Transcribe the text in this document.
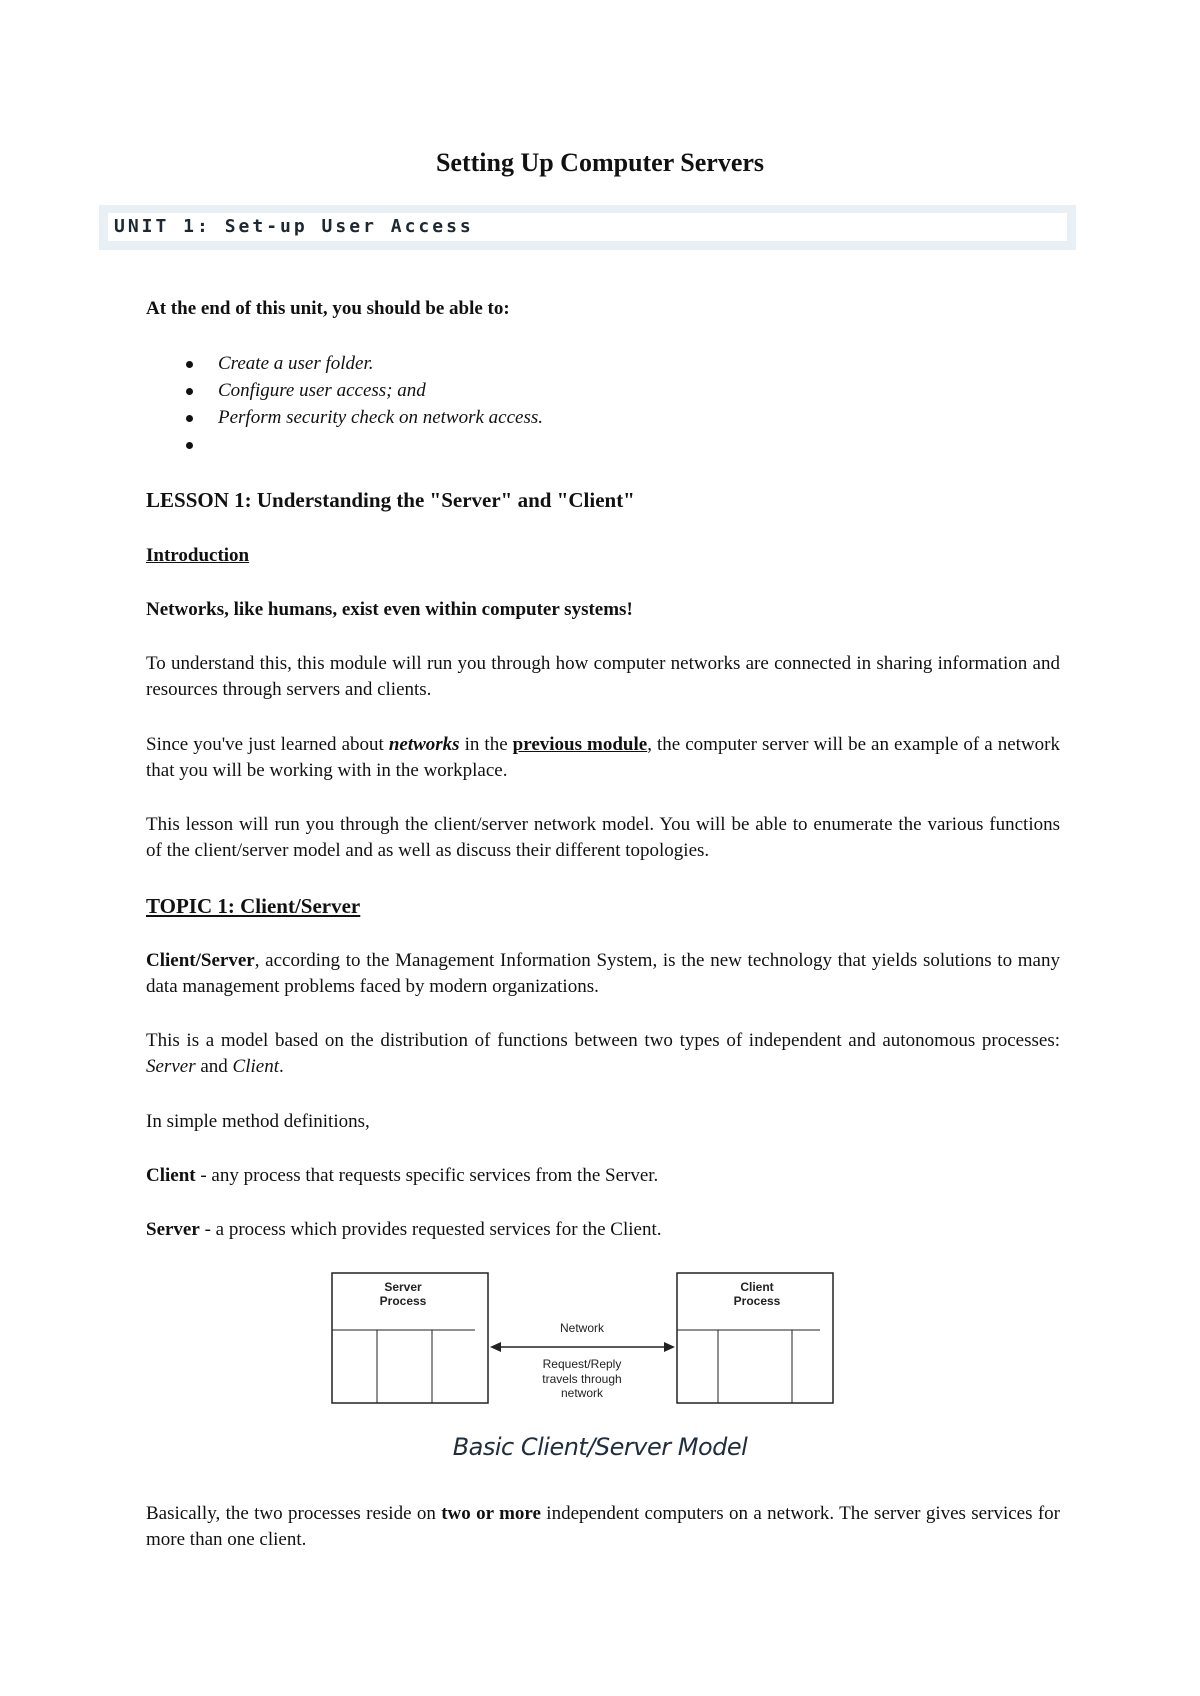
Setting Up Computer Servers
UNIT 1: Set-up User Access
At the end of this unit, you should be able to:
Create a user folder.
Configure user access; and
Perform security check on network access.
LESSON 1: Understanding the "Server" and "Client"
Introduction
Networks, like humans, exist even within computer systems!
To understand this, this module will run you through how computer networks are connected in sharing information and resources through servers and clients.
Since you've just learned about networks in the previous module, the computer server will be an example of a network that you will be working with in the workplace.
This lesson will run you through the client/server network model. You will be able to enumerate the various functions of the client/server model and as well as discuss their different topologies.
TOPIC 1: Client/Server
Client/Server, according to the Management Information System, is the new technology that yields solutions to many data management problems faced by modern organizations.
This is a model based on the distribution of functions between two types of independent and autonomous processes: Server and Client.
In simple method definitions,
Client - any process that requests specific services from the Server.
Server - a process which provides requested services for the Client.
Server
Process
Client
Process
Network
Request/Reply
travels through
network
Basic Client/Server Model
Basically, the two processes reside on two or more independent computers on a network. The server gives services for more than one client.
